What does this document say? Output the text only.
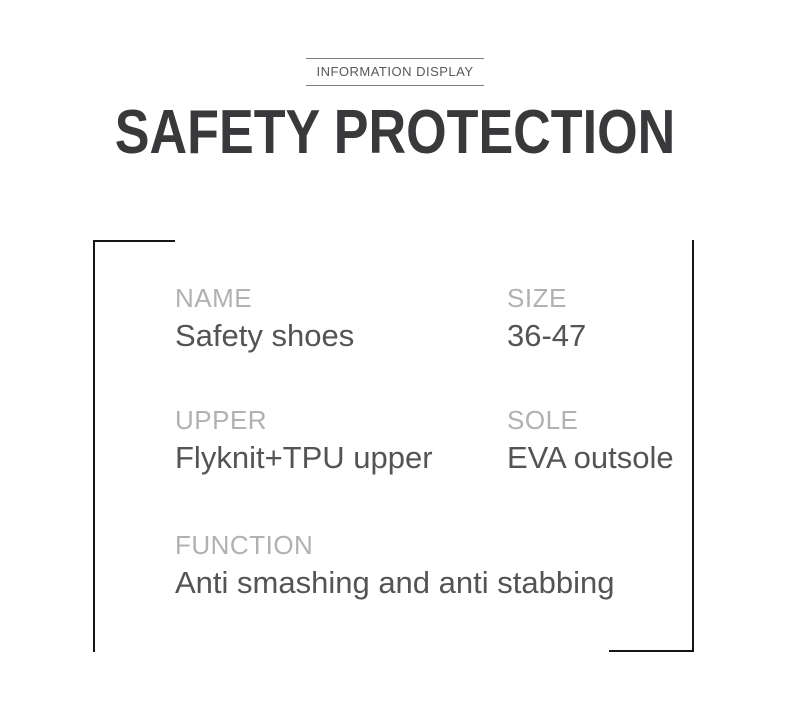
INFORMATION DISPLAY
SAFETY PROTECTION
NAME
Safety shoes
SIZE
36-47
UPPER
Flyknit+TPU upper
SOLE
EVA outsole
FUNCTION
Anti smashing and anti stabbing
